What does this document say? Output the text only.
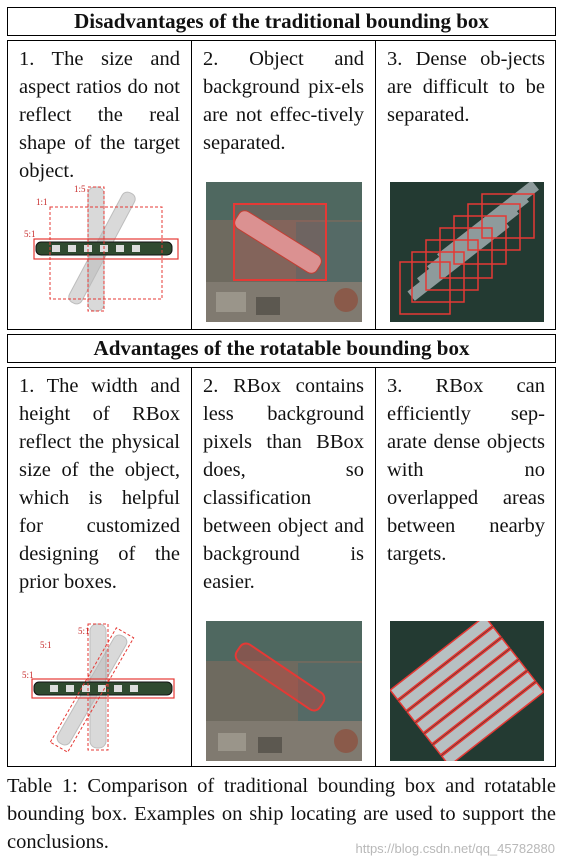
Disadvantages of the traditional bounding box
1. The size and aspect ratios do not reflect the real shape of the target object.
1:1
1:5
5:1
2. Object and background pix-els are not effec-tively separated.
3. Dense ob-jects are difficult to be separated.
Advantages of the rotatable bounding box
1. The width and height of RBox reflect the physical size of the object, which is helpful for customized designing of the prior boxes.
5:1
5:1
5:1
2. RBox contains less background pixels than BBox does, so classification between object and background is easier.
3. RBox can efficiently sep-arate dense objects with no overlapped areas between nearby targets.
Table 1: Comparison of traditional bounding box and rotatable bounding box. Examples on ship locating are used to support the conclusions.	https://blog.csdn.net/qq_45782880
